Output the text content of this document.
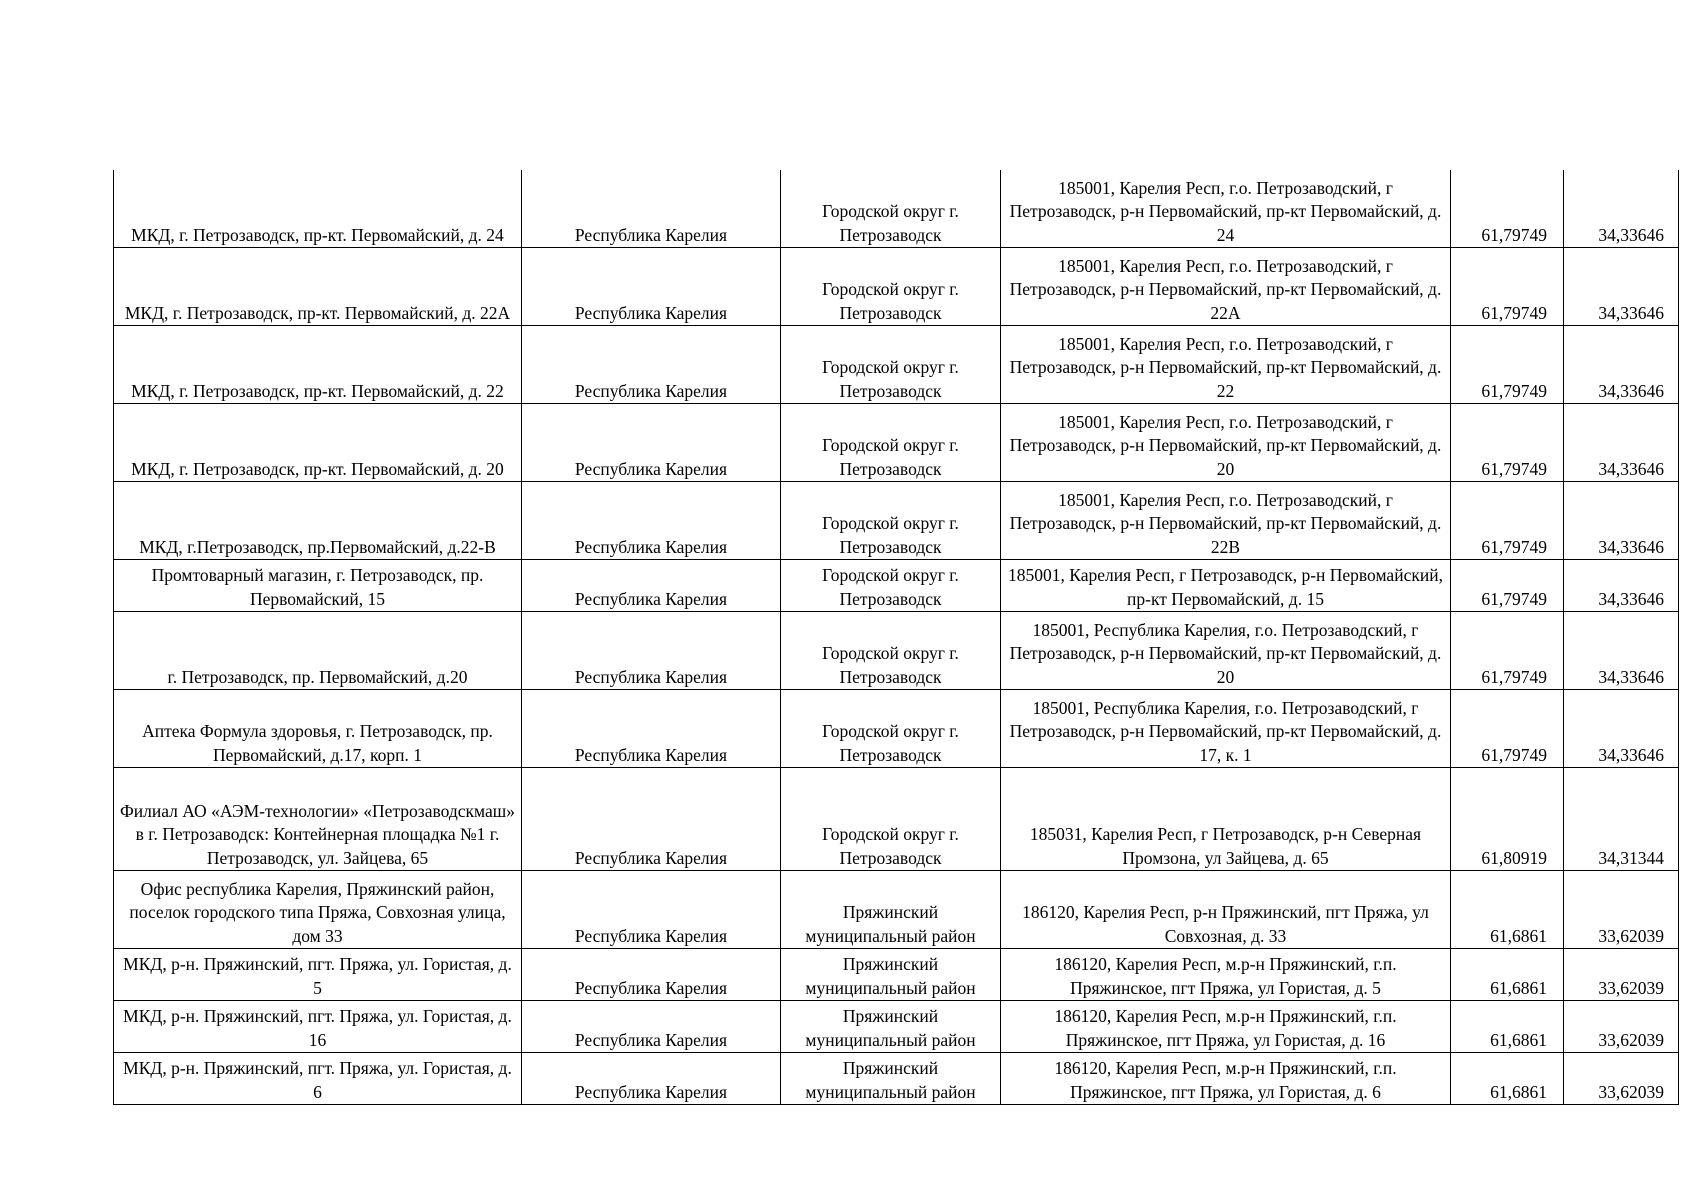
МКД, г. Петрозаводск, пр-кт. Первомайский, д. 24	Республика Карелия	Городской округ г. Петрозаводск	185001, Карелия Респ, г.о. Петрозаводский, г Петрозаводск, р-н Первомайский, пр-кт Первомайский, д. 24	61,79749	34,33646
МКД, г. Петрозаводск, пр-кт. Первомайский, д. 22А	Республика Карелия	Городской округ г. Петрозаводск	185001, Карелия Респ, г.о. Петрозаводский, г Петрозаводск, р-н Первомайский, пр-кт Первомайский, д. 22А	61,79749	34,33646
МКД, г. Петрозаводск, пр-кт. Первомайский, д. 22	Республика Карелия	Городской округ г. Петрозаводск	185001, Карелия Респ, г.о. Петрозаводский, г Петрозаводск, р-н Первомайский, пр-кт Первомайский, д. 22	61,79749	34,33646
МКД, г. Петрозаводск, пр-кт. Первомайский, д. 20	Республика Карелия	Городской округ г. Петрозаводск	185001, Карелия Респ, г.о. Петрозаводский, г Петрозаводск, р-н Первомайский, пр-кт Первомайский, д. 20	61,79749	34,33646
МКД, г.Петрозаводск, пр.Первомайский, д.22-В	Республика Карелия	Городской округ г. Петрозаводск	185001, Карелия Респ, г.о. Петрозаводский, г Петрозаводск, р-н Первомайский, пр-кт Первомайский, д. 22В	61,79749	34,33646
Промтоварный магазин, г. Петрозаводск, пр. Первомайский, 15	Республика Карелия	Городской округ г. Петрозаводск	185001, Карелия Респ, г Петрозаводск, р-н Первомайский, пр-кт Первомайский, д. 15	61,79749	34,33646
г. Петрозаводск, пр. Первомайский, д.20	Республика Карелия	Городской округ г. Петрозаводск	185001, Республика Карелия, г.о. Петрозаводский, г Петрозаводск, р-н Первомайский, пр-кт Первомайский, д. 20	61,79749	34,33646
Аптека Формула здоровья, г. Петрозаводск, пр. Первомайский, д.17, корп. 1	Республика Карелия	Городской округ г. Петрозаводск	185001, Республика Карелия, г.о. Петрозаводский, г Петрозаводск, р-н Первомайский, пр-кт Первомайский, д. 17, к. 1	61,79749	34,33646
Филиал АО «АЭМ-технологии» «Петрозаводскмаш» в г. Петрозаводск: Контейнерная площадка №1 г. Петрозаводск, ул. Зайцева, 65	Республика Карелия	Городской округ г. Петрозаводск	185031, Карелия Респ, г Петрозаводск, р-н Северная Промзона, ул Зайцева, д. 65	61,80919	34,31344
Офис республика Карелия, Пряжинский район, поселок городского типа Пряжа, Совхозная улица, дом 33	Республика Карелия	Пряжинский муниципальный район	186120, Карелия Респ, р-н Пряжинский, пгт Пряжа, ул Совхозная, д. 33	61,6861	33,62039
МКД, р-н. Пряжинский, пгт. Пряжа, ул. Гористая, д. 5	Республика Карелия	Пряжинский муниципальный район	186120, Карелия Респ, м.р-н Пряжинский, г.п. Пряжинское, пгт Пряжа, ул Гористая, д. 5	61,6861	33,62039
МКД, р-н. Пряжинский, пгт. Пряжа, ул. Гористая, д. 16	Республика Карелия	Пряжинский муниципальный район	186120, Карелия Респ, м.р-н Пряжинский, г.п. Пряжинское, пгт Пряжа, ул Гористая, д. 16	61,6861	33,62039
МКД, р-н. Пряжинский, пгт. Пряжа, ул. Гористая, д. 6	Республика Карелия	Пряжинский муниципальный район	186120, Карелия Респ, м.р-н Пряжинский, г.п. Пряжинское, пгт Пряжа, ул Гористая, д. 6	61,6861	33,62039
